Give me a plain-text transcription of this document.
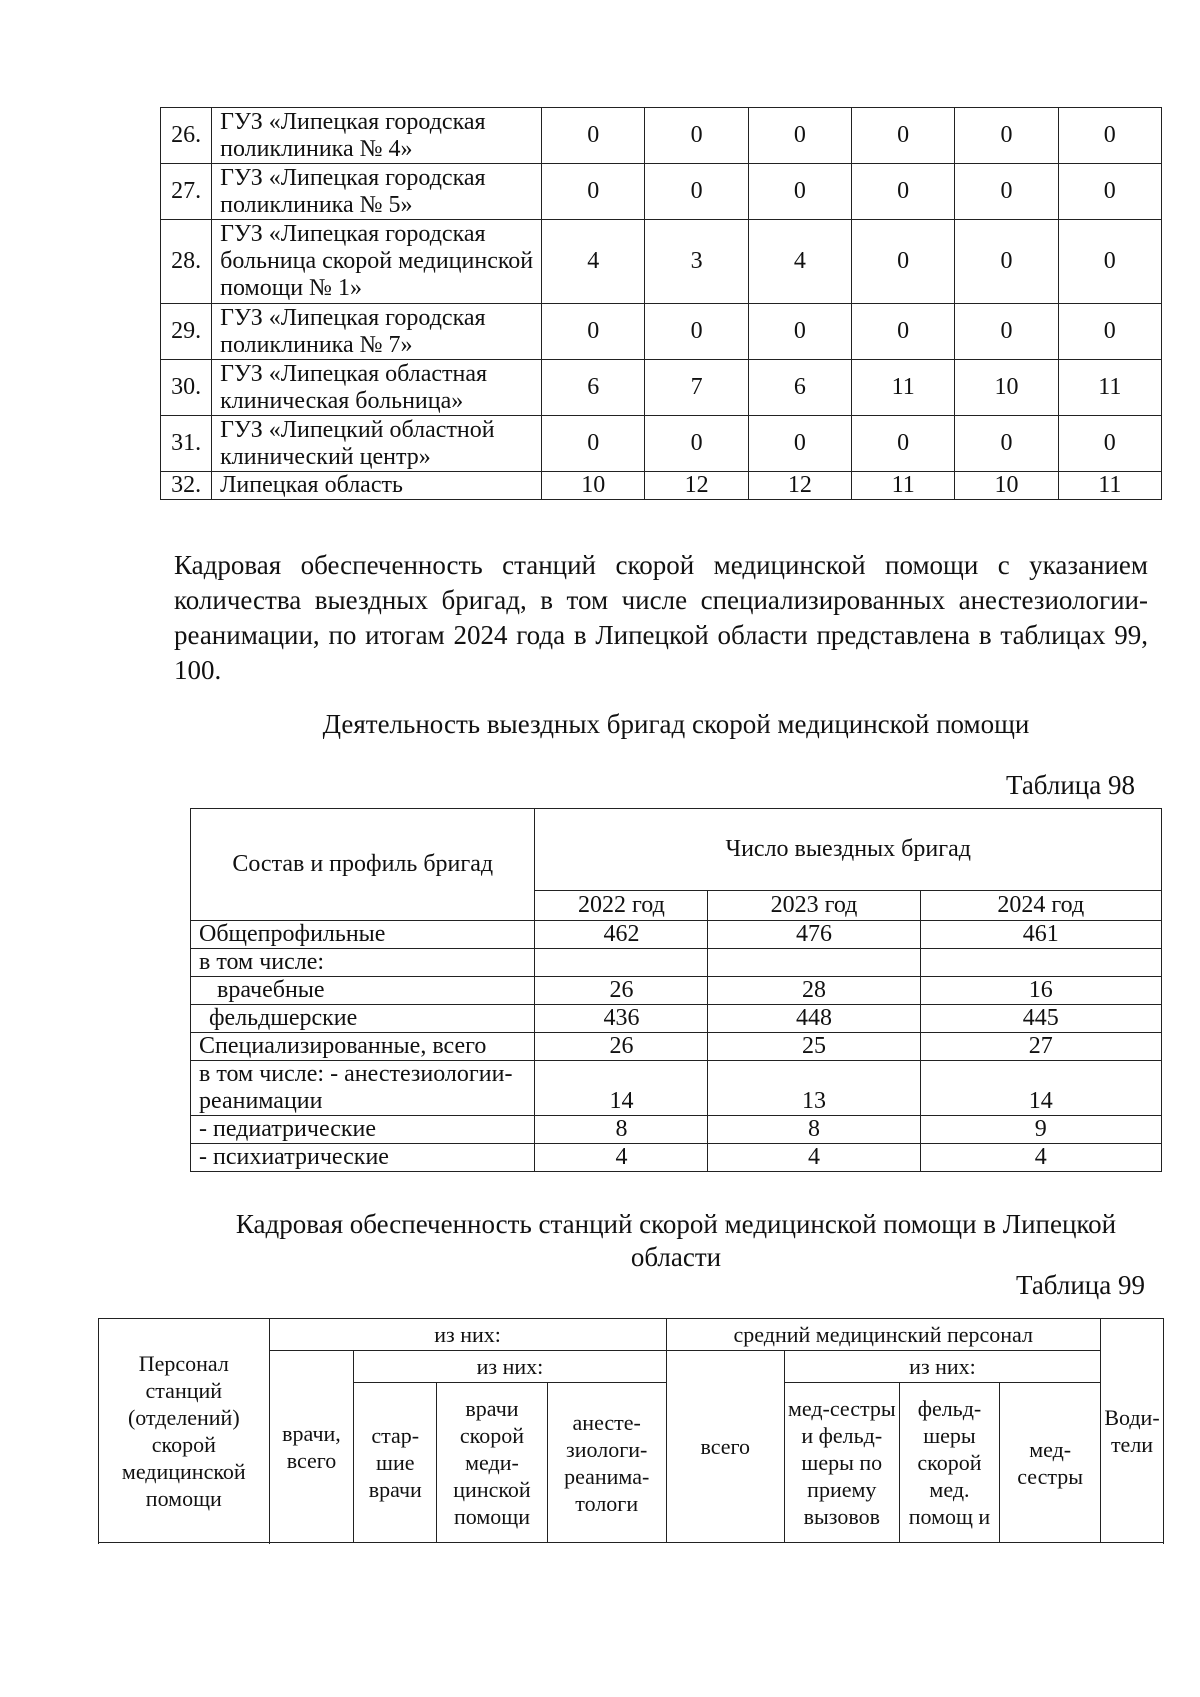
26.	ГУЗ «Липецкая городская поликлиника № 4»	0	0	0	0	0	0
27.	ГУЗ «Липецкая городская поликлиника № 5»	0	0	0	0	0	0
28.	ГУЗ «Липецкая городская больница скорой медицинской помощи № 1»	4	3	4	0	0	0
29.	ГУЗ «Липецкая городская поликлиника № 7»	0	0	0	0	0	0
30.	ГУЗ «Липецкая областная клиническая больница»	6	7	6	11	10	11
31.	ГУЗ «Липецкий областной клинический центр»	0	0	0	0	0	0
32.	Липецкая область	10	12	12	11	10	11

Кадровая обеспеченность станций скорой медицинской помощи с указанием количества выездных бригад, в том числе специализированных анестезиологии-реанимации, по итогам 2024 года в Липецкой области представлена в таблицах 99, 100.

Деятельность выездных бригад скорой медицинской помощи

Таблица 98

Состав и профиль бригад	Число выездных бригад		
	2022 год	2023 год	2024 год
Общепрофильные	462	476	461
в том числе:			
врачебные	26	28	16
фельдшерские	436	448	445
Специализированные, всего	26	25	27
в том числе: - анестезиологии-реанимации	14	13	14
- педиатрические	8	8	9
- психиатрические	4	4	4

Кадровая обеспеченность станций скорой медицинской помощи в Липецкой области

Таблица 99

Персонал станций (отделений) скорой медицинской помощи	из них:				средний медицинский персонал				Води-тели
	врачи, всего	из них:			всего	из них:			
		стар-шие врачи	врачи скорой меди-цинской помощи	анесте-зиологи-реанима-тологи		мед-сестры и фельд-шеры по приему вызовов	фельд-шеры скорой мед. помощ и	мед-сестры	
